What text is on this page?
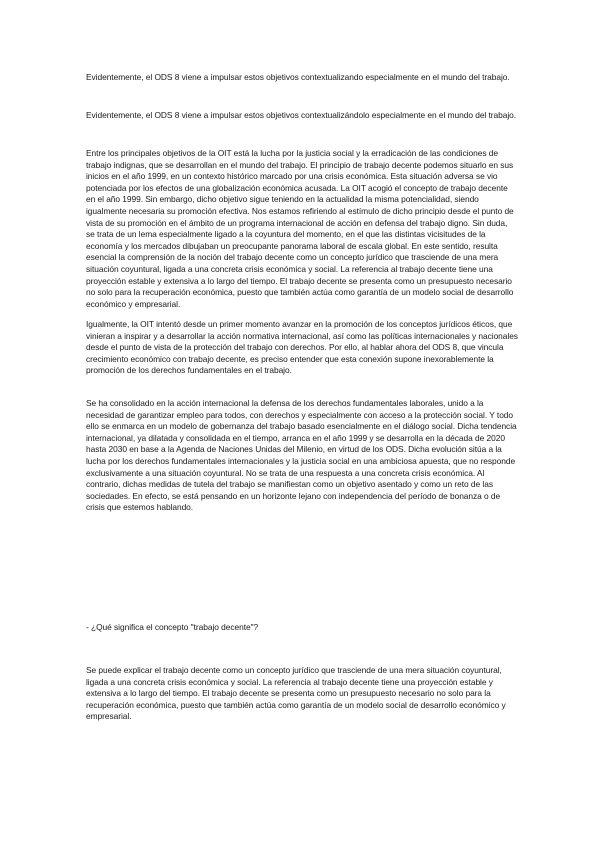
Evidentemente, el ODS 8 viene a impulsar estos objetivos contextualizando especialmente en el mundo del trabajo.

Evidentemente, el ODS 8 viene a impulsar estos objetivos contextualizándolo especialmente en el mundo del trabajo.

Entre los principales objetivos de la OIT está la lucha por la justicia social y la erradicación de las condiciones de trabajo indignas, que se desarrollan en el mundo del trabajo. El principio de trabajo decente podemos situarlo en sus inicios en el año 1999, en un contexto histórico marcado por una crisis económica. Esta situación adversa se vio potenciada por los efectos de una globalización económica acusada. La OIT acogió el concepto de trabajo decente en el año 1999. Sin embargo, dicho objetivo sigue teniendo en la actualidad la misma potencialidad, siendo igualmente necesaria su promoción efectiva. Nos estamos refiriendo al estímulo de dicho principio desde el punto de vista de su promoción en el ámbito de un programa internacional de acción en defensa del trabajo digno. Sin duda, se trata de un lema especialmente ligado a la coyuntura del momento, en el que las distintas vicisitudes de la economía y los mercados dibujaban un preocupante panorama laboral de escala global. En este sentido, resulta esencial la comprensión de la noción del trabajo decente como un concepto jurídico que trasciende de una mera situación coyuntural, ligada a una concreta crisis económica y social. La referencia al trabajo decente tiene una proyección estable y extensiva a lo largo del tiempo. El trabajo decente se presenta como un presupuesto necesario no solo para la recuperación económica, puesto que también actúa como garantía de un modelo social de desarrollo económico y empresarial.

Igualmente, la OIT intentó desde un primer momento avanzar en la promoción de los conceptos jurídicos éticos, que vinieran a inspirar y a desarrollar la acción normativa internacional, así como las políticas internacionales y nacionales desde el punto de vista de la protección del trabajo con derechos. Por ello, al hablar ahora del ODS 8, que vincula crecimiento económico con trabajo decente, es preciso entender que esta conexión supone inexorablemente la promoción de los derechos fundamentales en el trabajo.

Se ha consolidado en la acción internacional la defensa de los derechos fundamentales laborales, unido a la necesidad de garantizar empleo para todos, con derechos y especialmente con acceso a la protección social. Y todo ello se enmarca en un modelo de gobernanza del trabajo basado esencialmente en el diálogo social. Dicha tendencia internacional, ya dilatada y consolidada en el tiempo, arranca en el año 1999 y se desarrolla en la década de 2020 hasta 2030 en base a la Agenda de Naciones Unidas del Milenio, en virtud de los ODS. Dicha evolución sitúa a la lucha por los derechos fundamentales internacionales y la justicia social en una ambiciosa apuesta, que no responde exclusivamente a una situación coyuntural. No se trata de una respuesta a una concreta crisis económica. Al contrario, dichas medidas de tutela del trabajo se manifiestan como un objetivo asentado y como un reto de las sociedades. En efecto, se está pensando en un horizonte lejano con independencia del período de bonanza o de crisis que estemos hablando.

- ¿Qué significa el concepto "trabajo decente"?

Se puede explicar el trabajo decente como un concepto jurídico que trasciende de una mera situación coyuntural, ligada a una concreta crisis económica y social. La referencia al trabajo decente tiene una proyección estable y extensiva a lo largo del tiempo. El trabajo decente se presenta como un presupuesto necesario no solo para la recuperación económica, puesto que también actúa como garantía de un modelo social de desarrollo económico y empresarial.
